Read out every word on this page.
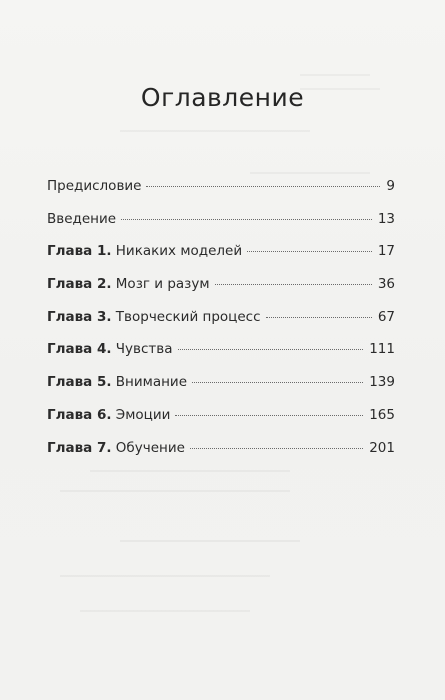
Оглавление
Предисловие	9
Введение	13
Глава 1. Никаких моделей	17
Глава 2. Мозг и разум	36
Глава 3. Творческий процесс	67
Глава 4. Чувства	111
Глава 5. Внимание	139
Глава 6. Эмоции	165
Глава 7. Обучение	201
